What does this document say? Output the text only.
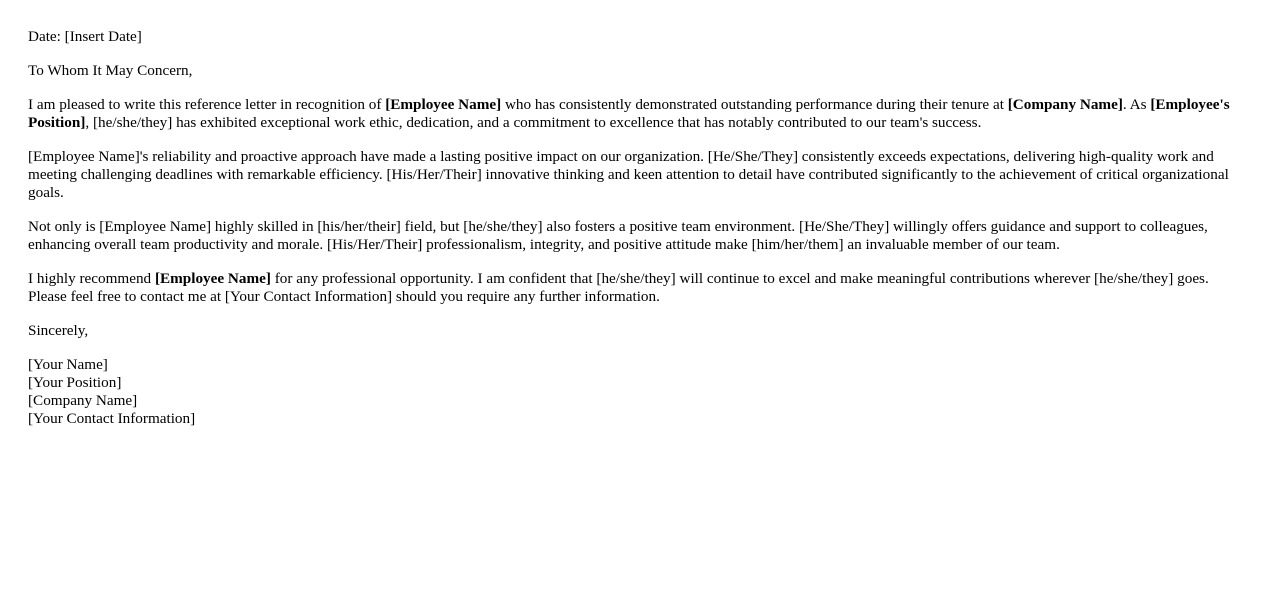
Date: [Insert Date]

To Whom It May Concern,

I am pleased to write this reference letter in recognition of [Employee Name] who has consistently demonstrated outstanding performance during their tenure at [Company Name]. As [Employee's Position], [he/she/they] has exhibited exceptional work ethic, dedication, and a commitment to excellence that has notably contributed to our team's success.

[Employee Name]'s reliability and proactive approach have made a lasting positive impact on our organization. [He/She/They] consistently exceeds expectations, delivering high-quality work and meeting challenging deadlines with remarkable efficiency. [His/Her/Their] innovative thinking and keen attention to detail have contributed significantly to the achievement of critical organizational goals.

Not only is [Employee Name] highly skilled in [his/her/their] field, but [he/she/they] also fosters a positive team environment. [He/She/They] willingly offers guidance and support to colleagues, enhancing overall team productivity and morale. [His/Her/Their] professionalism, integrity, and positive attitude make [him/her/them] an invaluable member of our team.

I highly recommend [Employee Name] for any professional opportunity. I am confident that [he/she/they] will continue to excel and make meaningful contributions wherever [he/she/they] goes. Please feel free to contact me at [Your Contact Information] should you require any further information.

Sincerely,

[Your Name]
[Your Position]
[Company Name]
[Your Contact Information]
